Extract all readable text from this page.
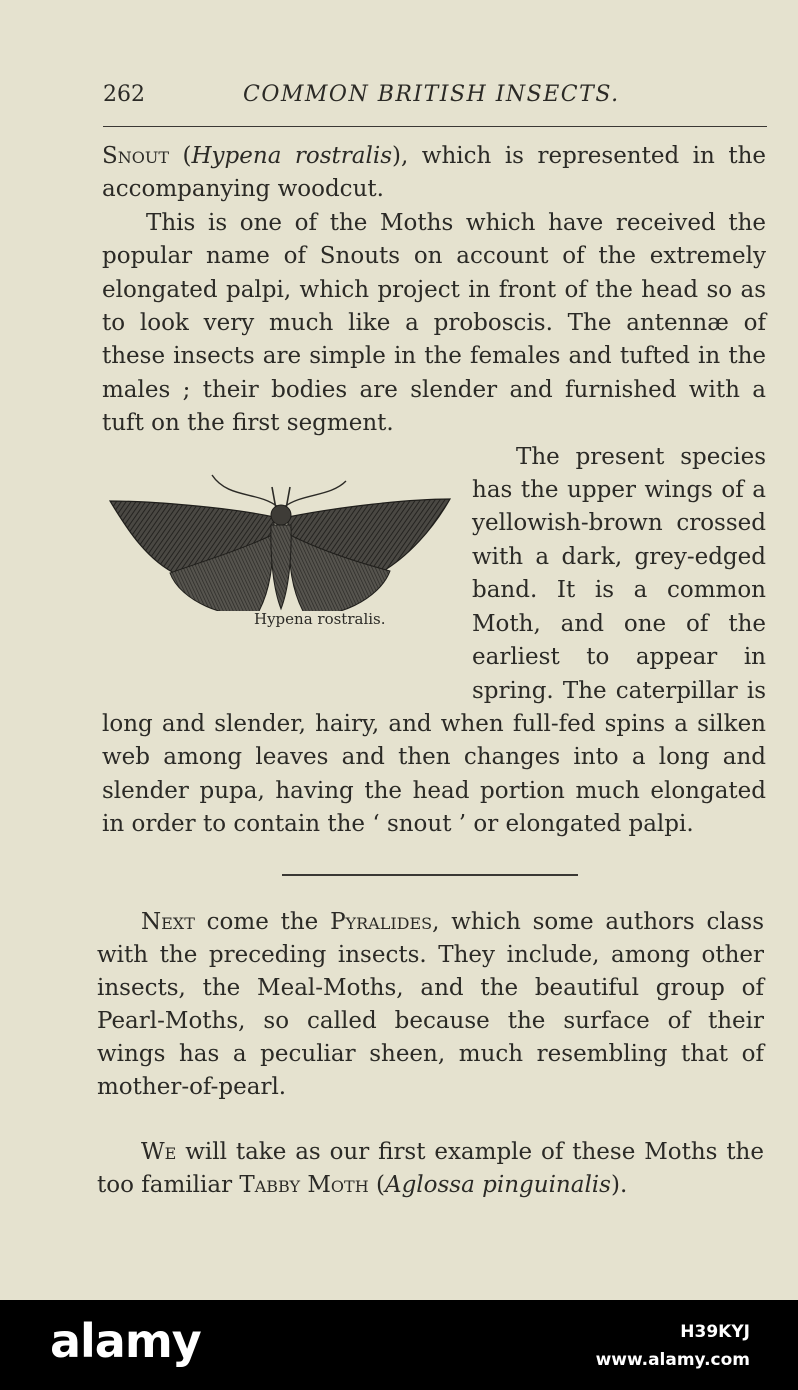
262	COMMON BRITISH INSECTS.

Snout (Hypena rostralis), which is represented in the accompanying woodcut.

This is one of the Moths which have received the popular name of Snouts on account of the extremely elongated palpi, which project in front of the head so as to look very much like a proboscis. The antennæ of these insects are simple in the females and tufted in the males ; their bodies are slender and furnished with a tuft on the first segment.

Hypena rostralis.
The present species has the upper wings of a yellowish-brown crossed with a dark, grey-edged band. It is a common Moth, and one of the earliest to appear in spring. The caterpillar is long and slender, hairy, and when full-fed spins a silken web among leaves and then changes into a long and slender pupa, having the head portion much elongated in order to contain the ‘ snout ’ or elongated palpi.

Next come the Pyralides, which some authors class with the preceding insects. They include, among other insects, the Meal-Moths, and the beautiful group of Pearl-Moths, so called because the surface of their wings has a peculiar sheen, much resembling that of mother-of-pearl.

We will take as our first example of these Moths the too familiar Tabby Moth (Aglossa pinguinalis).

alamy	H39KYJ
www.alamy.com
